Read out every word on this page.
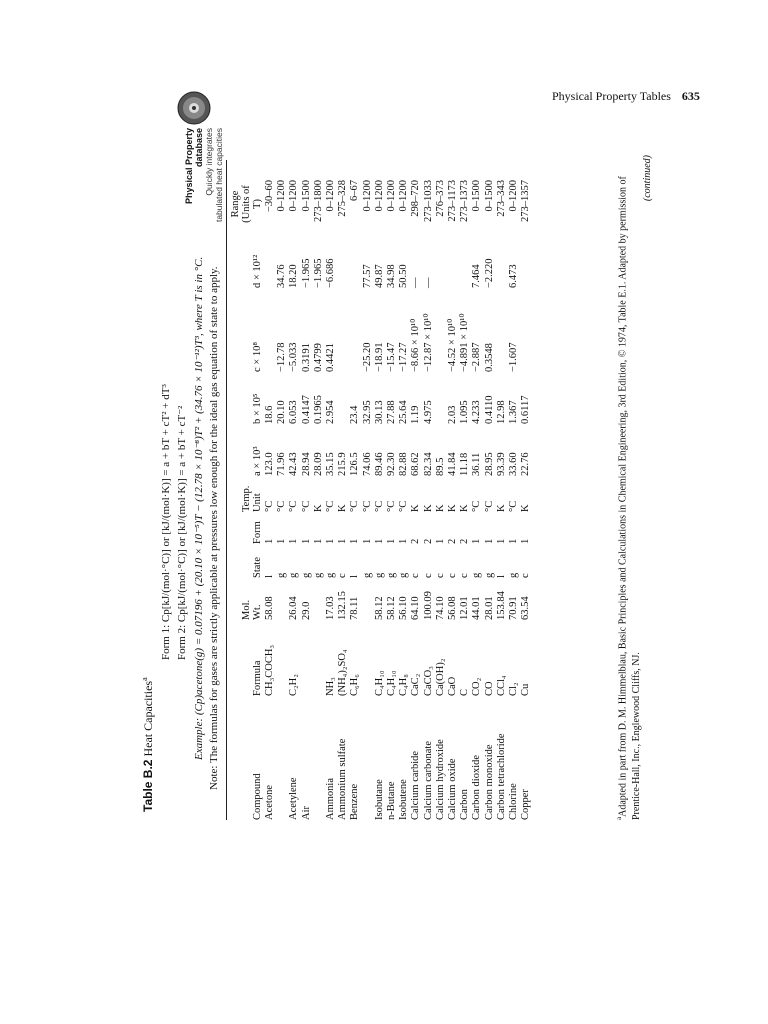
Physical Property Tables 635
Physical Property database Quickly integrates tabulated heat capacities
Table B.2 Heat Capacities$^a$
Form 1: Cp[kJ/(mol·°C)] or [kJ/(mol·K)] = a + bT + cT² + dT³ Form 2: Cp[kJ/(mol·°C)] or [kJ/(mol·K)] = a + bT + cT⁻² Example: (Cp)acetone(g) = 0.07196 + (20.10 × 10⁻⁵)T − (12.78 × 10⁻⁸)T² + (34.76 × 10⁻¹²)T³, where T is in °C. Note: The formulas for gases are strictly applicable at pressures low enough for the ideal gas equation of state to apply.
Compound	Formula	Mol. Wt.	State	Form	Temp. Unit	a × 10³	b × 10⁵	c × 10⁸	d × 10¹²	Range (Units of T)
Acetone	CH₃COCH₃	58.08	l	1	°C	123.0	18.6			−30–60
			g	1	°C	71.96	20.10	−12.78	34.76	0–1200
Acetylene	C₂H₂	26.04	g	1	°C	42.43	6.053	−5.033	18.20	0–1200
Air		29.0	g	1	°C	28.94	0.4147	0.3191	−1.965	0–1500
			g	1	K	28.09	0.1965	0.4799	−1.965	273–1800
Ammonia	NH₃	17.03	g	1	°C	35.15	2.954	0.4421	−6.686	0–1200
Ammonium sulfate	(NH₄)₂SO₄	132.15	c	1	K	215.9				275–328
Benzene	C₆H₆	78.11	l	1	°C	126.5	23.4			6–67
			g	1	°C	74.06	32.95	−25.20	77.57	0–1200
Isobutane	C₄H₁₀	58.12	g	1	°C	89.46	30.13	−18.91	49.87	0–1200
n-Butane	C₄H₁₀	58.12	g	1	°C	92.30	27.88	−15.47	34.98	0–1200
Isobutene	C₄H₈	56.10	g	1	°C	82.88	25.64	−17.27	50.50	0–1200
Calcium carbide	CaC₂	64.10	c	2	K	68.62	1.19	−8.66 × 10¹⁰	—	298–720
Calcium carbonate	CaCO₃	100.09	c	2	K	82.34	4.975	−12.87 × 10¹⁰	—	273–1033
Calcium hydroxide	Ca(OH)₂	74.10	c	1	K	89.5				276–373
Calcium oxide	CaO	56.08	c	2	K	41.84	2.03	−4.52 × 10¹⁰		273–1173
Carbon	C	12.01	c	2	K	11.18	1.095	−4.891 × 10¹⁰		273–1373
Carbon dioxide	CO₂	44.01	g	1	°C	36.11	4.233	−2.887	7.464	0–1500
Carbon monoxide	CO	28.01	g	1	°C	28.95	0.4110	0.3548	−2.220	0–1500
Carbon tetrachloride	CCl₄	153.84	l	1	K	93.39	12.98			273–343
Chlorine	Cl₂	70.91	g	1	°C	33.60	1.367	−1.607	6.473	0–1200
Copper	Cu	63.54	c	1	K	22.76	0.6117			273–1357
$^a$Adapted in part from D. M. Himmelblau, Basic Principles and Calculations in Chemical Engineering, 3rd Edition, © 1974, Table E.1. Adapted by permission of Prentice-Hall, Inc., Englewood Cliffs, NJ.
(continued)
